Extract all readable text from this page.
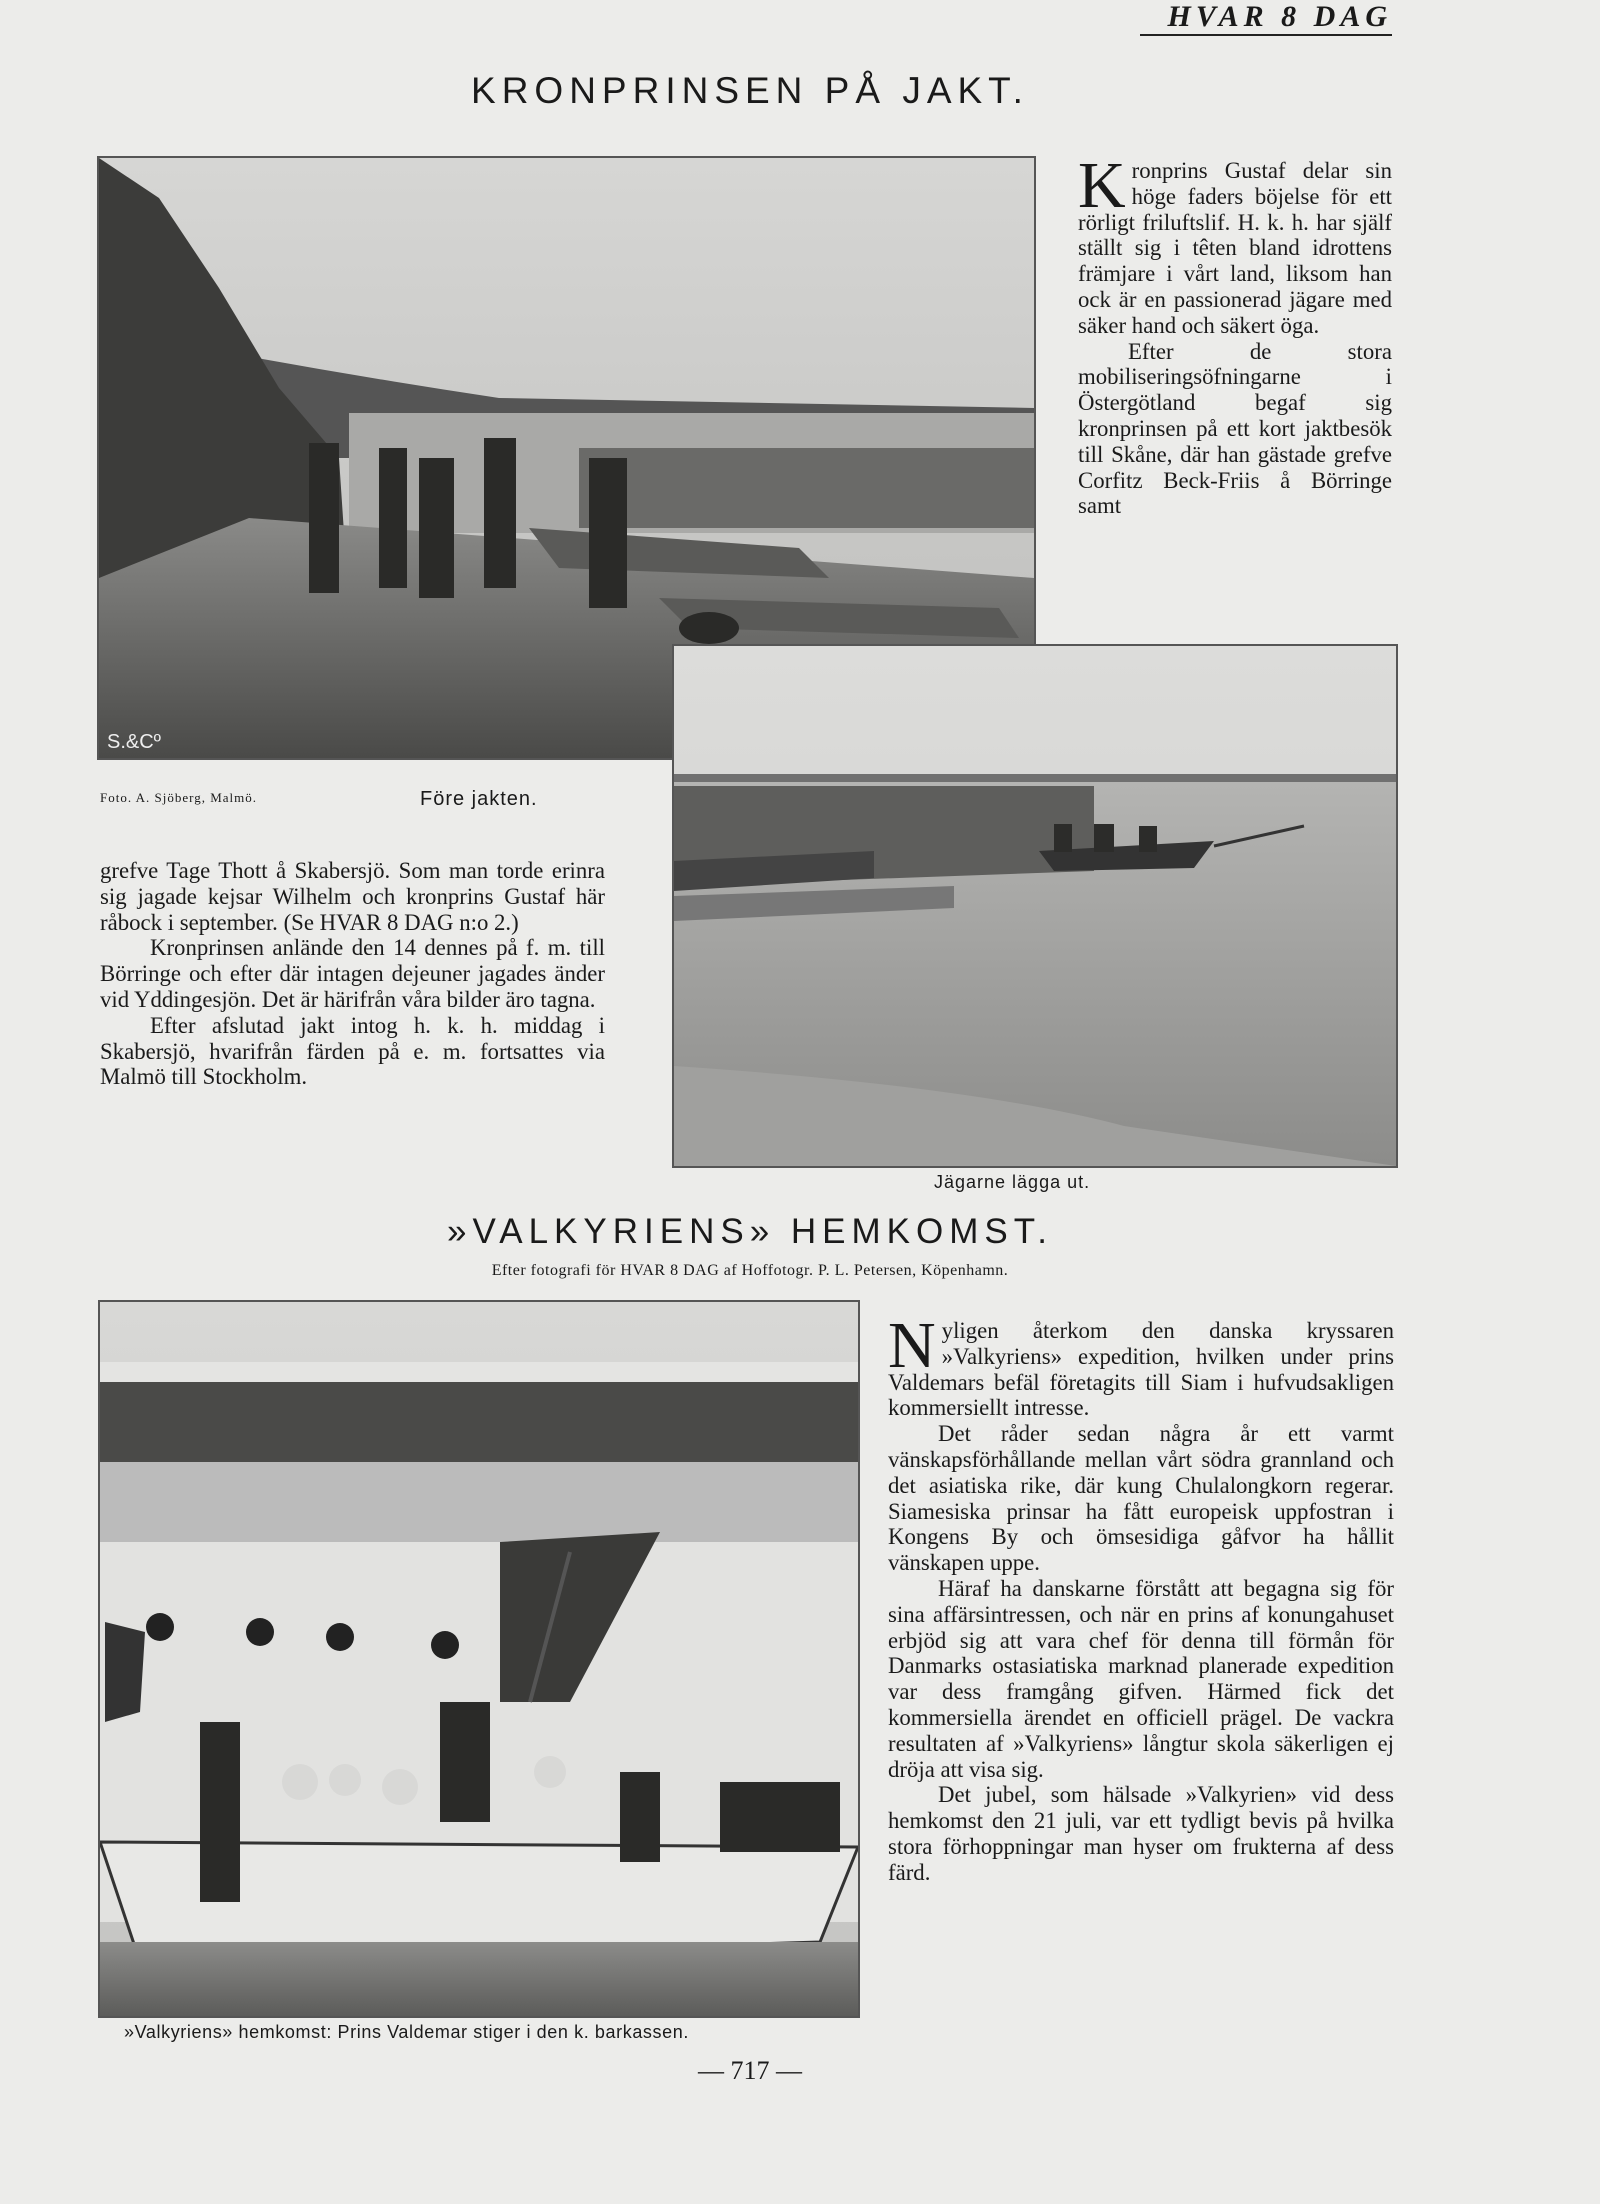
HVAR 8 DAG
KRONPRINSEN PÅ JAKT.
S.&Cº

K ronprins Gustaf delar sin höge faders böjelse för ett rörligt friluftslif. H. k. h. har själf ställt sig i têten bland idrottens främjare i vårt land, liksom han ock är en passionerad jägare med säker hand och säkert öga.

Efter de stora mobiliseringsöfningarne i Östergötland begaf sig kronprinsen på ett kort jaktbesök till Skåne, där han gästade grefve Corfitz Beck-Friis å Börringe samt

Foto. A. Sjöberg, Malmö.	Före jakten.

grefve Tage Thott å Skabersjö. Som man torde erinra sig jagade kejsar Wilhelm och kronprins Gustaf här råbock i september. (Se HVAR 8 DAG n:o 2.)

Kronprinsen anlände den 14 dennes på f. m. till Börringe och efter där intagen dejeuner jagades änder vid Yddingesjön. Det är härifrån våra bilder äro tagna.

Efter afslutad jakt intog h. k. h. middag i Skabersjö, hvarifrån färden på e. m. fortsattes via Malmö till Stockholm.

Jägarne lägga ut.
»VALKYRIENS» HEMKOMST.
Efter fotografi för HVAR 8 DAG af Hoffotogr. P. L. Petersen, Köpenhamn.
»Valkyriens» hemkomst: Prins Valdemar stiger i den k. barkassen.

N yligen återkom den danska kryssaren »Valkyriens» expedition, hvilken under prins Valdemars befäl företagits till Siam i hufvudsakligen kommersiellt intresse.

Det råder sedan några år ett varmt vänskapsförhållande mellan vårt södra grannland och det asiatiska rike, där kung Chulalongkorn regerar. Siamesiska prinsar ha fått europeisk uppfostran i Kongens By och ömsesidiga gåfvor ha hållit vänskapen uppe.

Häraf ha danskarne förstått att begagna sig för sina affärsintressen, och när en prins af konungahuset erbjöd sig att vara chef för denna till förmån för Danmarks ostasiatiska marknad planerade expedition var dess framgång gifven. Härmed fick det kommersiella ärendet en officiell prägel. De vackra resultaten af »Valkyriens» långtur skola säkerligen ej dröja att visa sig.

Det jubel, som hälsade »Valkyrien» vid dess hemkomst den 21 juli, var ett tydligt bevis på hvilka stora förhoppningar man hyser om frukterna af dess färd.

— 717 —
